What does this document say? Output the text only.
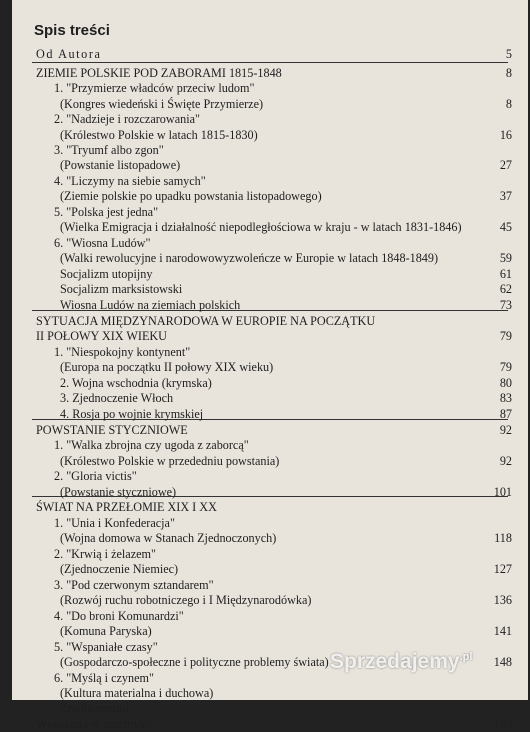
Spis treści
Od Autora	5
ZIEMIE POLSKIE POD ZABORAMI 1815-1848	8
1. "Przymierze władców przeciw ludom"
(Kongres wiedeński i Święte Przymierze)	8
2. "Nadzieje i rozczarowania"
(Królestwo Polskie w latach 1815-1830)	16
3. "Tryumf albo zgon"
(Powstanie listopadowe)	27
4. "Liczymy na siebie samych"
(Ziemie polskie po upadku powstania listopadowego)	37
5. "Polska jest jedna"
(Wielka Emigracja i działalność niepodległościowa w kraju - w latach 1831-1846)	45
6. "Wiosna Ludów"
(Walki rewolucyjne i narodowowyzwoleńcze w Europie w latach 1848-1849)	59
Socjalizm utopijny	61
Socjalizm marksistowski	62
Wiosna Ludów na ziemiach polskich	73
SYTUACJA MIĘDZYNARODOWA W EUROPIE NA POCZĄTKU
II POŁOWY XIX WIEKU	79
1. "Niespokojny kontynent"
(Europa na początku II połowy XIX wieku)	79
2. Wojna wschodnia (krymska)	80
3. Zjednoczenie Włoch	83
4. Rosja po wojnie krymskiej	87
POWSTANIE STYCZNIOWE	92
1. "Walka zbrojna czy ugoda z zaborcą"
(Królestwo Polskie w przededniu powstania)	92
2. "Gloria victis"
(Powstanie styczniowe)	101
ŚWIAT NA PRZEŁOMIE XIX I XX
1. "Unia i Konfederacja"
(Wojna domowa w Stanach Zjednoczonych)	118
2. "Krwią i żelazem"
(Zjednoczenie Niemiec)	127
3. "Pod czerwonym sztandarem"
(Rozwój ruchu robotniczego i I Międzynarodówka)	136
4. "Do broni Komunardzi"
(Komuna Paryska)	141
5. "Wspaniałe czasy"
(Gospodarczo-społeczne i polityczne problemy świata)	148
6. "Myślą i czynem"
(Kultura materialna i duchowa)
Źródła energii
Wynalazki w przemyśle	163
Sprzedajemy$^{.pl}$
